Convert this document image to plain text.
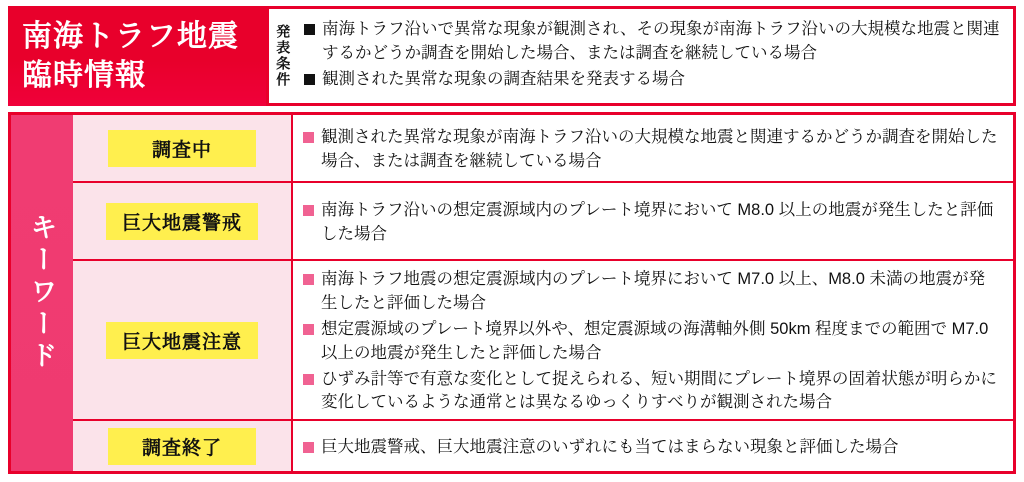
南海トラフ地震
臨時情報	発表条件 南海トラフ沿いで異常な現象が観測され、その現象が南海トラフ沿いの大規模な地震と関連するかどうか調査を開始した場合、または調査を継続している場合
観測された異常な現象の調査結果を発表する場合
キーワード
調査中
観測された異常な現象が南海トラフ沿いの大規模な地震と関連するかどうか調査を開始した場合、または調査を継続している場合
巨大地震警戒
南海トラフ沿いの想定震源域内のプレート境界において M8.0 以上の地震が発生したと評価した場合
巨大地震注意
南海トラフ地震の想定震源域内のプレート境界において M7.0 以上、M8.0 未満の地震が発生したと評価した場合
想定震源域のプレート境界以外や、想定震源域の海溝軸外側 50km 程度までの範囲で M7.0 以上の地震が発生したと評価した場合
ひずみ計等で有意な変化として捉えられる、短い期間にプレート境界の固着状態が明らかに変化しているような通常とは異なるゆっくりすべりが観測された場合
調査終了	巨大地震警戒、巨大地震注意のいずれにも当てはまらない現象と評価した場合
